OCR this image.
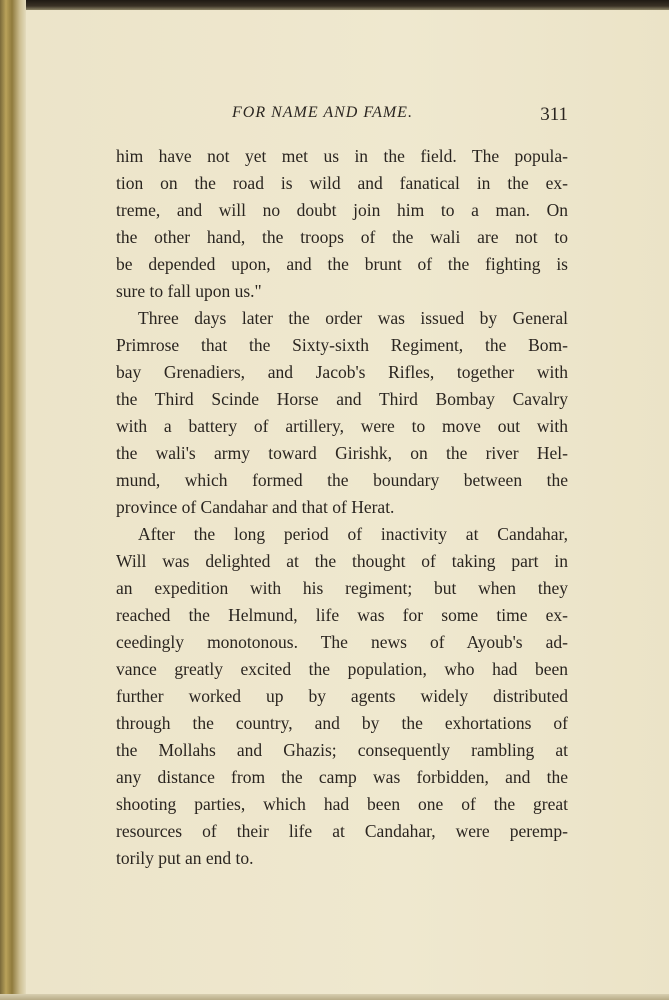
FOR NAME AND FAME.	311
him have not yet met us in the field. The popula-
tion on the road is wild and fanatical in the ex-
treme, and will no doubt join him to a man. On
the other hand, the troops of the wali are not to
be depended upon, and the brunt of the fighting is
sure to fall upon us."
Three days later the order was issued by General
Primrose that the Sixty-sixth Regiment, the Bom-
bay Grenadiers, and Jacob's Rifles, together with
the Third Scinde Horse and Third Bombay Cavalry
with a battery of artillery, were to move out with
the wali's army toward Girishk, on the river Hel-
mund, which formed the boundary between the
province of Candahar and that of Herat.
After the long period of inactivity at Candahar,
Will was delighted at the thought of taking part in
an expedition with his regiment; but when they
reached the Helmund, life was for some time ex-
ceedingly monotonous. The news of Ayoub's ad-
vance greatly excited the population, who had been
further worked up by agents widely distributed
through the country, and by the exhortations of
the Mollahs and Ghazis; consequently rambling at
any distance from the camp was forbidden, and the
shooting parties, which had been one of the great
resources of their life at Candahar, were peremp-
torily put an end to.
